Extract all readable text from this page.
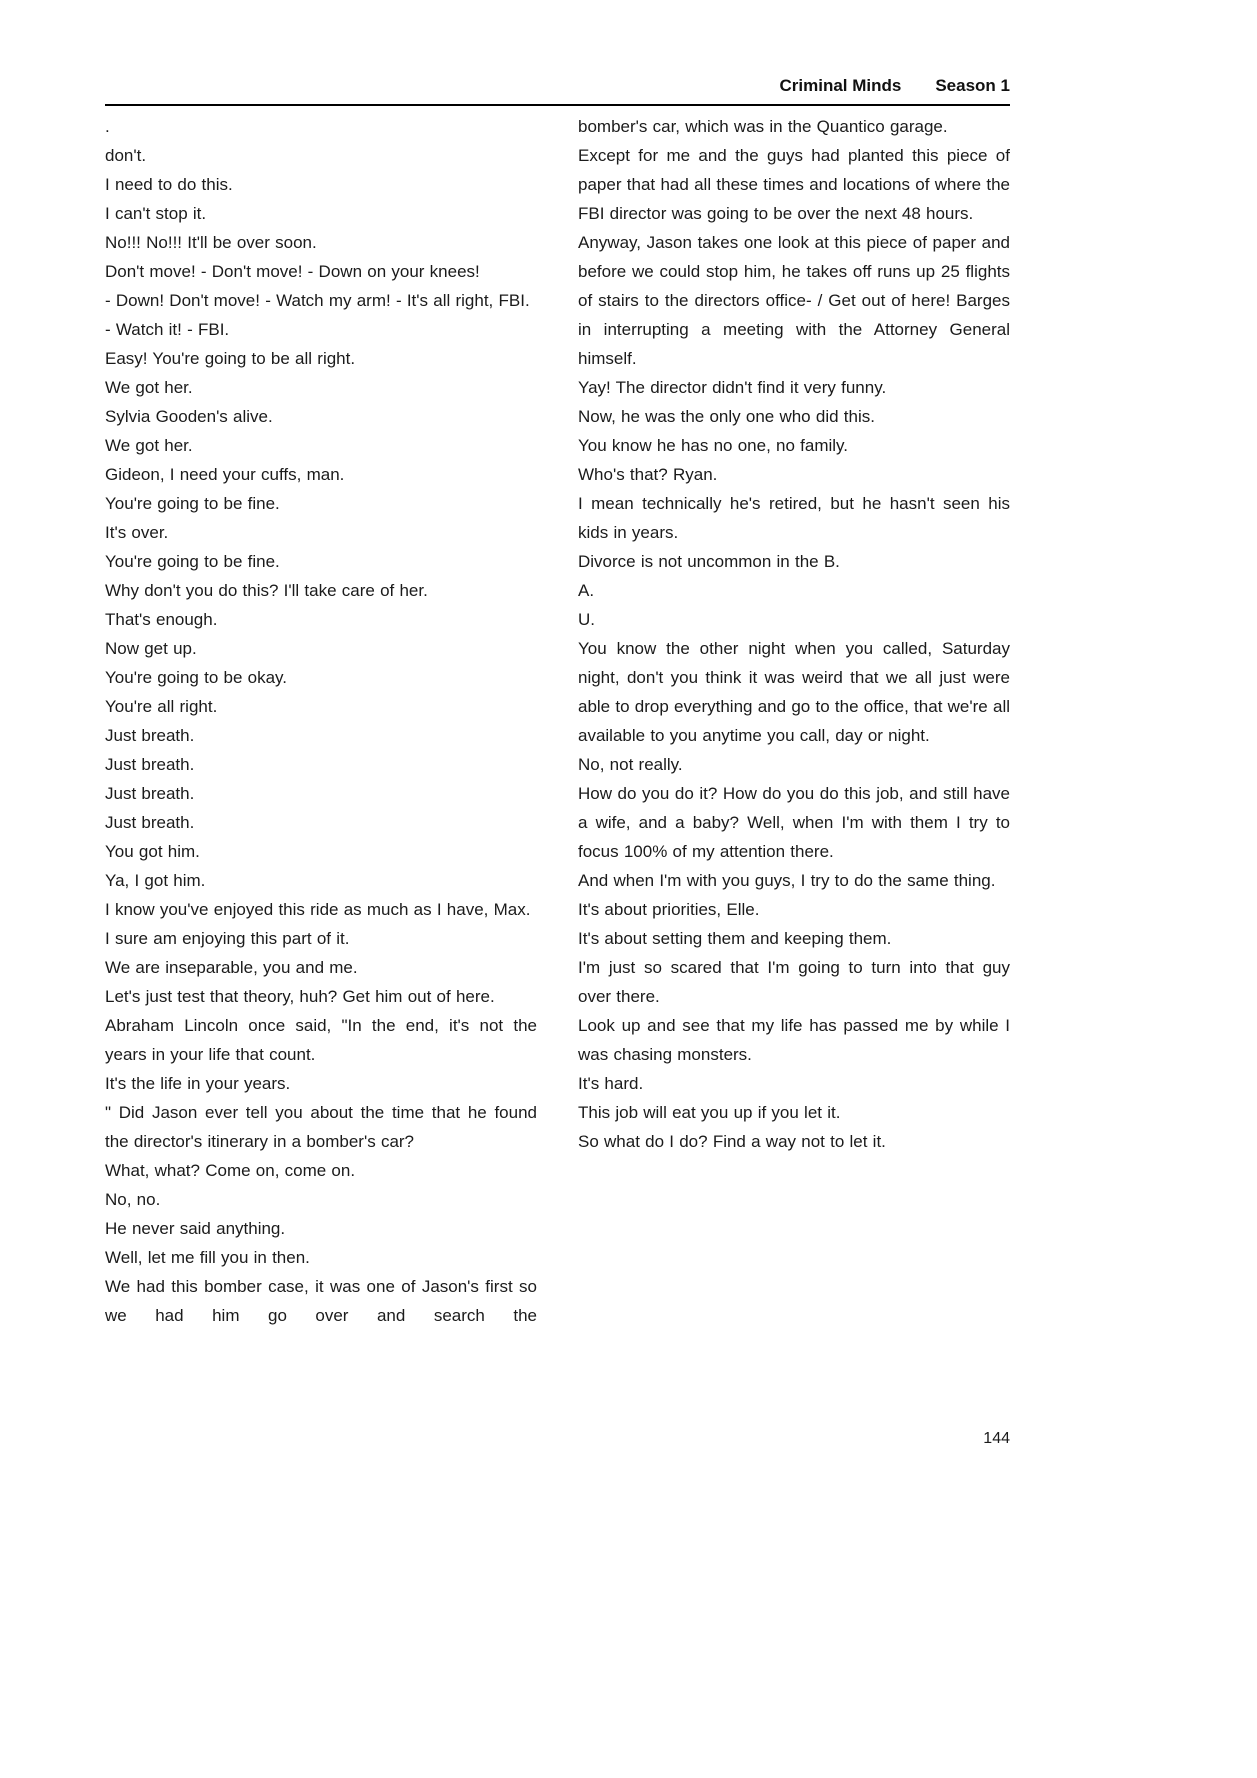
Criminal Minds Season 1

.

don't.

I need to do this.

I can't stop it.

No!!! No!!! It'll be over soon.

Don't move! - Don't move! - Down on your knees!

- Down! Don't move! - Watch my arm! - It's all right, FBI.

- Watch it! - FBI.

Easy! You're going to be all right.

We got her.

Sylvia Gooden's alive.

We got her.

Gideon, I need your cuffs, man.

You're going to be fine.

It's over.

You're going to be fine.

Why don't you do this? I'll take care of her.

That's enough.

Now get up.

You're going to be okay.

You're all right.

Just breath.

Just breath.

Just breath.

Just breath.

You got him.

Ya, I got him.

I know you've enjoyed this ride as much as I have, Max.

I sure am enjoying this part of it.

We are inseparable, you and me.

Let's just test that theory, huh? Get him out of here.

Abraham Lincoln once said, "In the end, it's not the years in your life that count.

It's the life in your years.

" Did Jason ever tell you about the time that he found the director's itinerary in a bomber's car?

What, what? Come on, come on.

No, no.

He never said anything.

Well, let me fill you in then.

We had this bomber case, it was one of Jason's first so we had him go over and search the

bomber's car, which was in the Quantico garage.

Except for me and the guys had planted this piece of paper that had all these times and locations of where the FBI director was going to be over the next 48 hours.

Anyway, Jason takes one look at this piece of paper and before we could stop him, he takes off runs up 25 flights of stairs to the directors office- / Get out of here! Barges in interrupting a meeting with the Attorney General himself.

Yay! The director didn't find it very funny.

Now, he was the only one who did this.

You know he has no one, no family.

Who's that? Ryan.

I mean technically he's retired, but he hasn't seen his kids in years.

Divorce is not uncommon in the B.

A.

U.

You know the other night when you called, Saturday night, don't you think it was weird that we all just were able to drop everything and go to the office, that we're all available to you anytime you call, day or night.

No, not really.

How do you do it? How do you do this job, and still have a wife, and a baby? Well, when I'm with them I try to focus 100% of my attention there.

And when I'm with you guys, I try to do the same thing.

It's about priorities, Elle.

It's about setting them and keeping them.

I'm just so scared that I'm going to turn into that guy over there.

Look up and see that my life has passed me by while I was chasing monsters.

It's hard.

This job will eat you up if you let it.

So what do I do? Find a way not to let it.

144
